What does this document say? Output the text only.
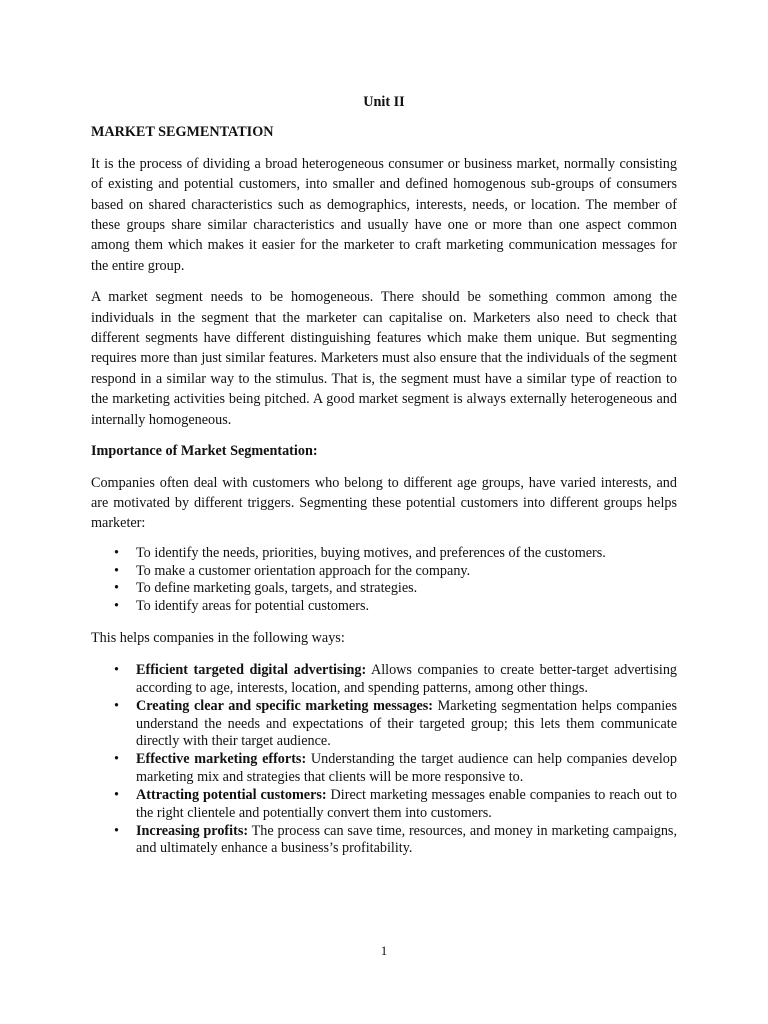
Unit II
MARKET SEGMENTATION

It is the process of dividing a broad heterogeneous consumer or business market, normally consisting of existing and potential customers, into smaller and defined homogenous sub-groups of consumers based on shared characteristics such as demographics, interests, needs, or location. The member of these groups share similar characteristics and usually have one or more than one aspect common among them which makes it easier for the marketer to craft marketing communication messages for the entire group.

A market segment needs to be homogeneous. There should be something common among the individuals in the segment that the marketer can capitalise on. Marketers also need to check that different segments have different distinguishing features which make them unique. But segmenting requires more than just similar features. Marketers must also ensure that the individuals of the segment respond in a similar way to the stimulus. That is, the segment must have a similar type of reaction to the marketing activities being pitched. A good market segment is always externally heterogeneous and internally homogeneous.

Importance of Market Segmentation:

Companies often deal with customers who belong to different age groups, have varied interests, and are motivated by different triggers. Segmenting these potential customers into different groups helps marketer:

• To identify the needs, priorities, buying motives, and preferences of the customers.
• To make a customer orientation approach for the company.
• To define marketing goals, targets, and strategies.
• To identify areas for potential customers.

This helps companies in the following ways:

• Efficient targeted digital advertising: Allows companies to create better-target advertising according to age, interests, location, and spending patterns, among other things.
• Creating clear and specific marketing messages: Marketing segmentation helps companies understand the needs and expectations of their targeted group; this lets them communicate directly with their target audience.
• Effective marketing efforts: Understanding the target audience can help companies develop marketing mix and strategies that clients will be more responsive to.
• Attracting potential customers: Direct marketing messages enable companies to reach out to the right clientele and potentially convert them into customers.
• Increasing profits: The process can save time, resources, and money in marketing campaigns, and ultimately enhance a business’s profitability.
1
